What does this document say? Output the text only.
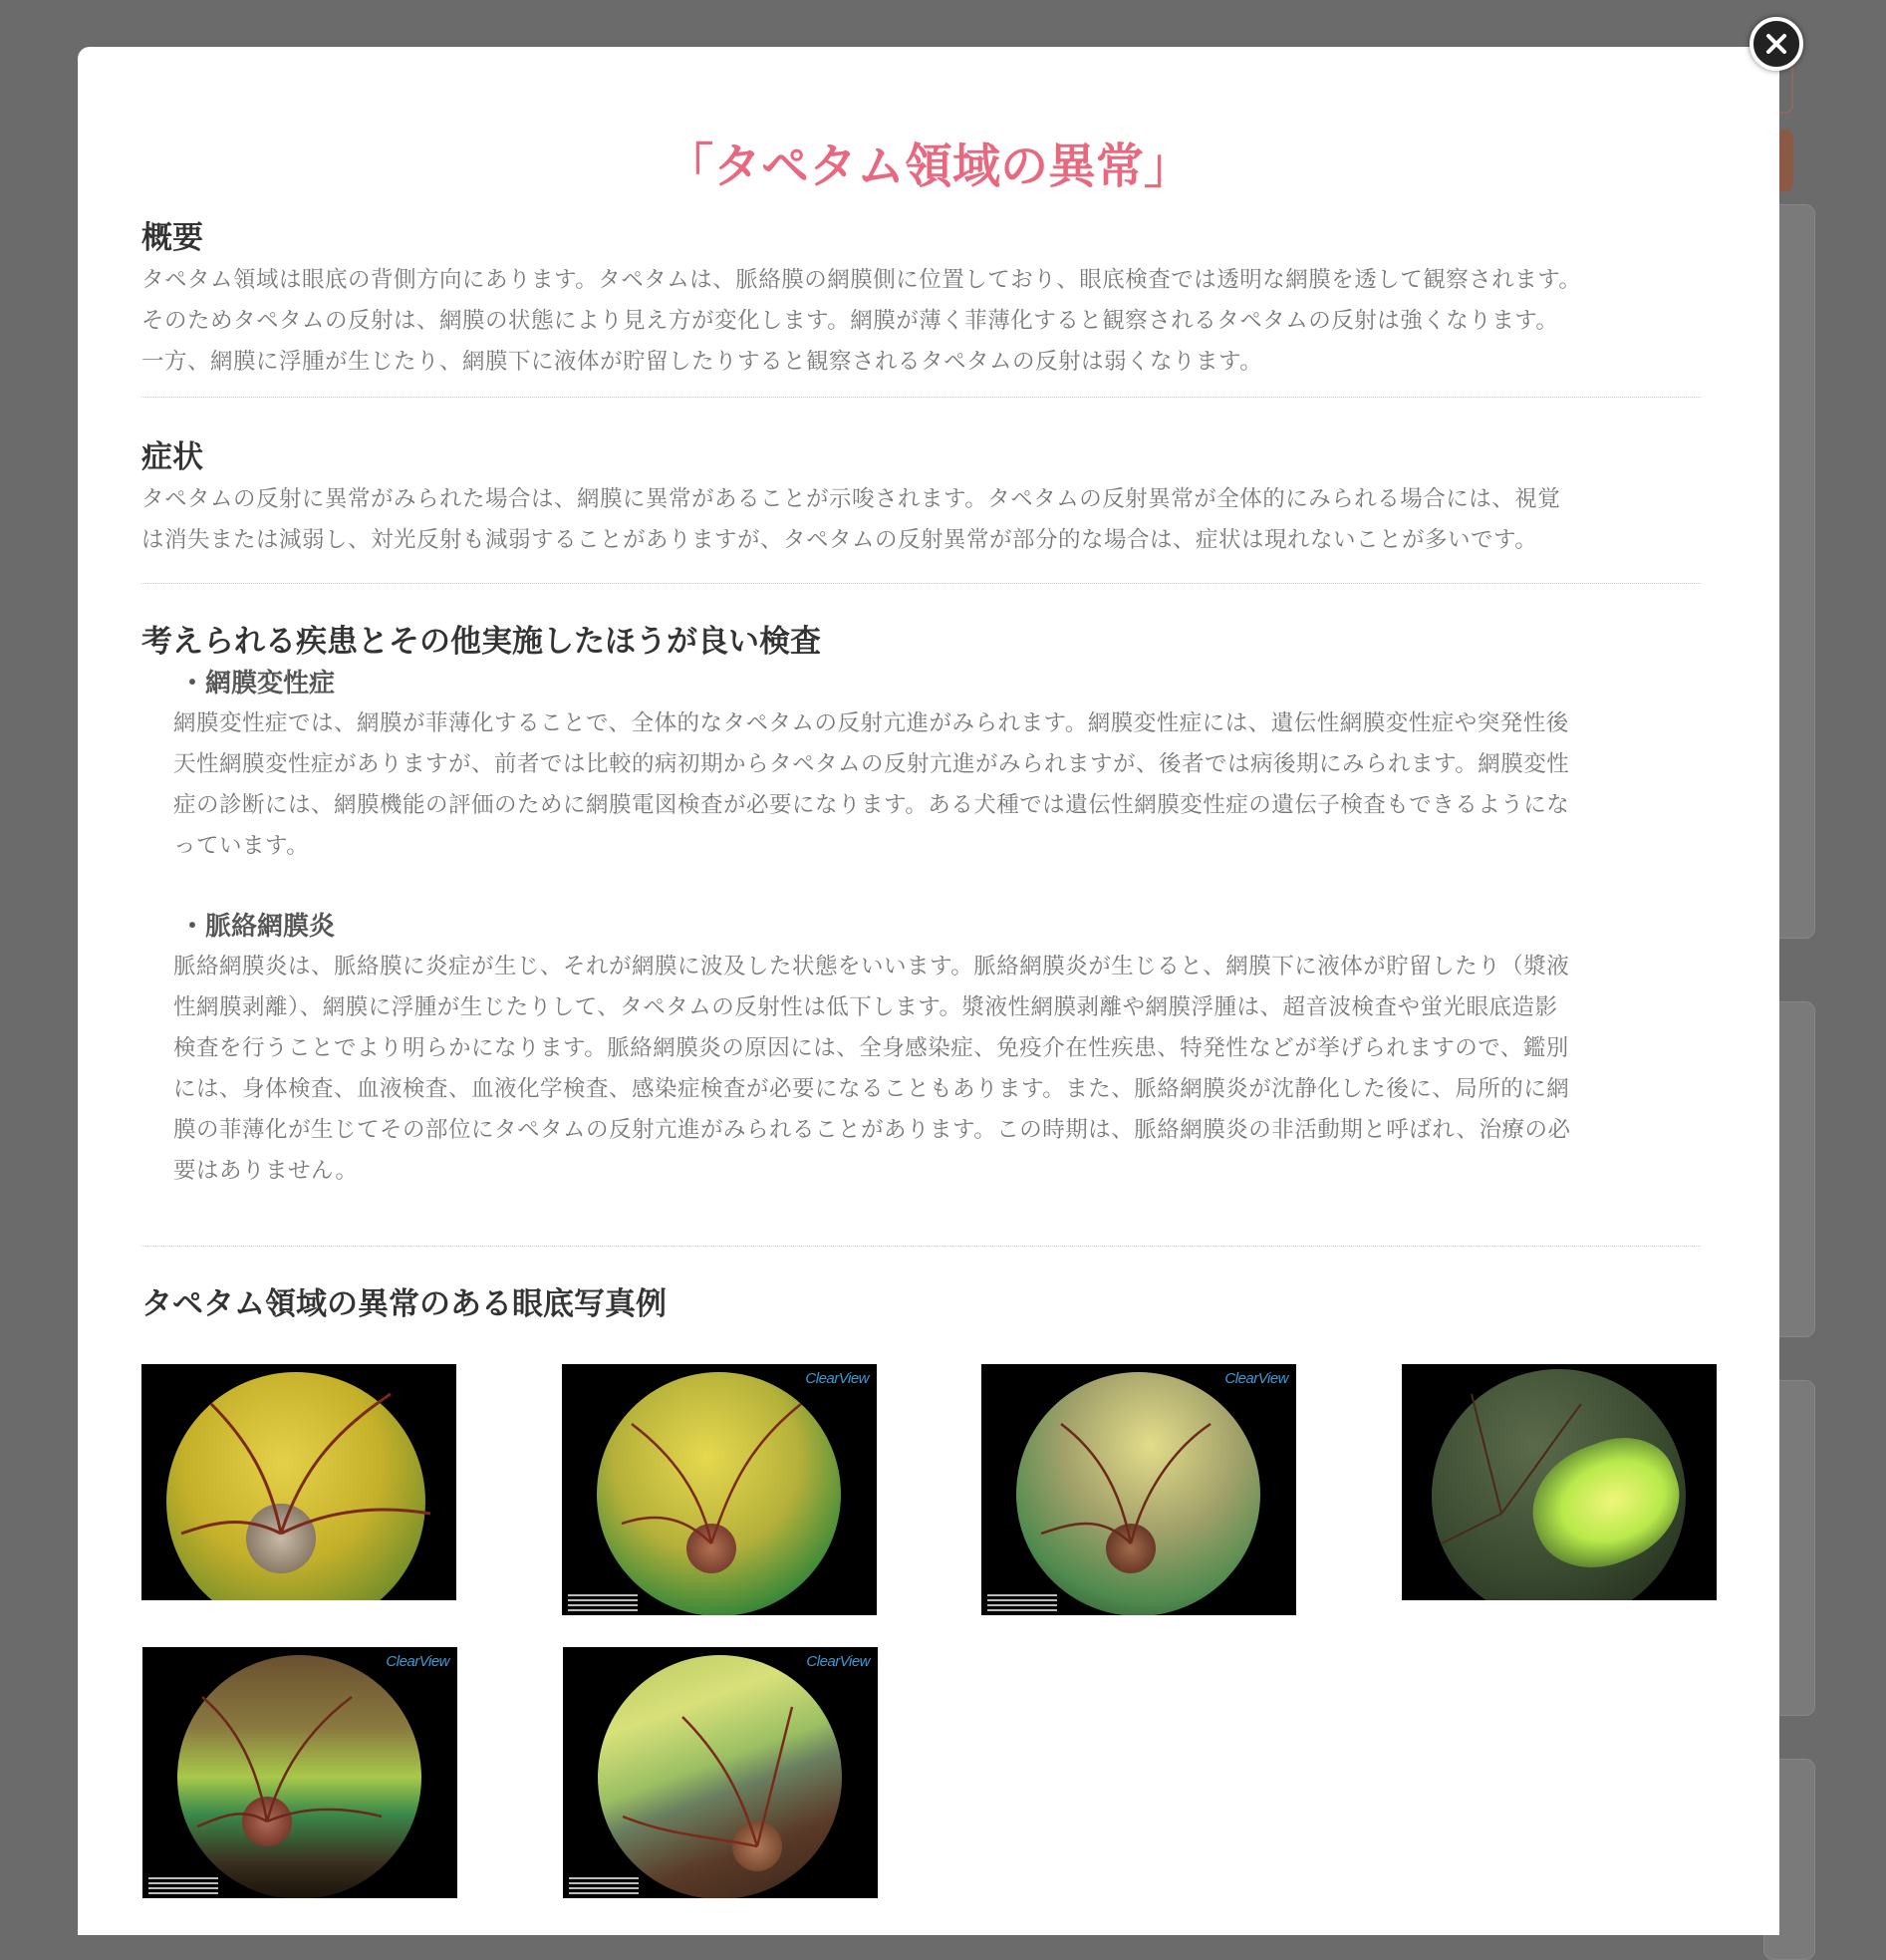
「タペタム領域の異常」
概要

タペタム領域は眼底の背側方向にあります。タペタムは、脈絡膜の網膜側に位置しており、眼底検査では透明な網膜を透して観察されます。

そのためタペタムの反射は、網膜の状態により見え方が変化します。網膜が薄く菲薄化すると観察されるタペタムの反射は強くなります。

一方、網膜に浮腫が生じたり、網膜下に液体が貯留したりすると観察されるタペタムの反射は弱くなります。

症状

タペタムの反射に異常がみられた場合は、網膜に異常があることが示唆されます。タペタムの反射異常が全体的にみられる場合には、視覚

は消失または減弱し、対光反射も減弱することがありますが、タペタムの反射異常が部分的な場合は、症状は現れないことが多いです。

考えられる疾患とその他実施したほうが良い検査
・網膜変性症

網膜変性症では、網膜が菲薄化することで、全体的なタペタムの反射亢進がみられます。網膜変性症には、遺伝性網膜変性症や突発性後

天性網膜変性症がありますが、前者では比較的病初期からタペタムの反射亢進がみられますが、後者では病後期にみられます。網膜変性

症の診断には、網膜機能の評価のために網膜電図検査が必要になります。ある犬種では遺伝性網膜変性症の遺伝子検査もできるようにな

っています。

・脈絡網膜炎

脈絡網膜炎は、脈絡膜に炎症が生じ、それが網膜に波及した状態をいいます。脈絡網膜炎が生じると、網膜下に液体が貯留したり（漿液

性網膜剥離）、網膜に浮腫が生じたりして、タペタムの反射性は低下します。漿液性網膜剥離や網膜浮腫は、超音波検査や蛍光眼底造影

検査を行うことでより明らかになります。脈絡網膜炎の原因には、全身感染症、免疫介在性疾患、特発性などが挙げられますので、鑑別

には、身体検査、血液検査、血液化学検査、感染症検査が必要になることもあります。また、脈絡網膜炎が沈静化した後に、局所的に網

膜の菲薄化が生じてその部位にタペタムの反射亢進がみられることがあります。この時期は、脈絡網膜炎の非活動期と呼ばれ、治療の必

要はありません。

タペタム領域の異常のある眼底写真例
ClearView	ClearView
ClearView	ClearView
